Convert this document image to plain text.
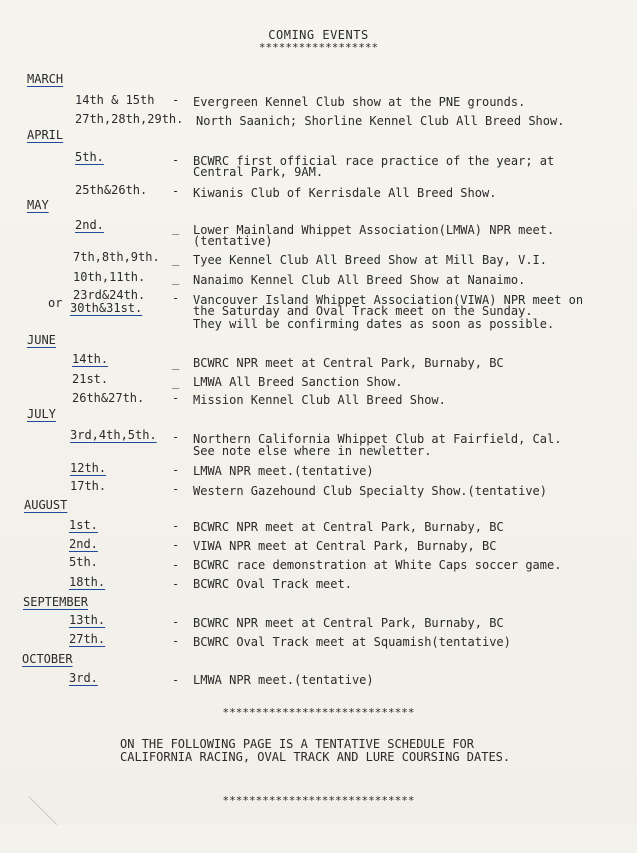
COMING EVENTS
******************
MARCH
14th & 15th - Evergreen Kennel Club show at the PNE grounds.
27th,28th,29th. North Saanich; Shorline Kennel Club All Breed Show.
APRIL
5th.	- BCWRC first official race practice of the year; at
Central Park, 9AM.
25th&26th. - Kiwanis Club of Kerrisdale All Breed Show.
MAY
2nd.	_ Lower Mainland Whippet Association(LMWA) NPR meet.
(tentative)
7th,8th,9th. _ Tyee Kennel Club All Breed Show at Mill Bay, V.I.
10th,11th. _ Nanaimo Kennel Club All Breed Show at Nanaimo.
23rd&24th.
or 30th&31st.
- Vancouver Island Whippet Association(VIWA) NPR meet on
the Saturday and Oval Track meet on the Sunday.
They will be confirming dates as soon as possible.
JUNE
14th.	_ BCWRC NPR meet at Central Park, Burnaby, BC
21st.	_ LMWA All Breed Sanction Show.
26th&27th. - Mission Kennel Club All Breed Show.
JULY
3rd,4th,5th. - Northern California Whippet Club at Fairfield, Cal.
See note else where in newletter.
12th.	- LMWA NPR meet.(tentative)
17th.	- Western Gazehound Club Specialty Show.(tentative)
AUGUST
1st.	- BCWRC NPR meet at Central Park, Burnaby, BC
2nd.	- VIWA NPR meet at Central Park, Burnaby, BC
5th.	- BCWRC race demonstration at White Caps soccer game.
18th.	- BCWRC Oval Track meet.
SEPTEMBER
13th.	- BCWRC NPR meet at Central Park, Burnaby, BC
27th.	- BCWRC Oval Track meet at Squamish(tentative)
OCTOBER
3rd.	- LMWA NPR meet.(tentative)
*****************************
ON THE FOLLOWING PAGE IS A TENTATIVE SCHEDULE FOR
CALIFORNIA RACING, OVAL TRACK AND LURE COURSING DATES.
*****************************
